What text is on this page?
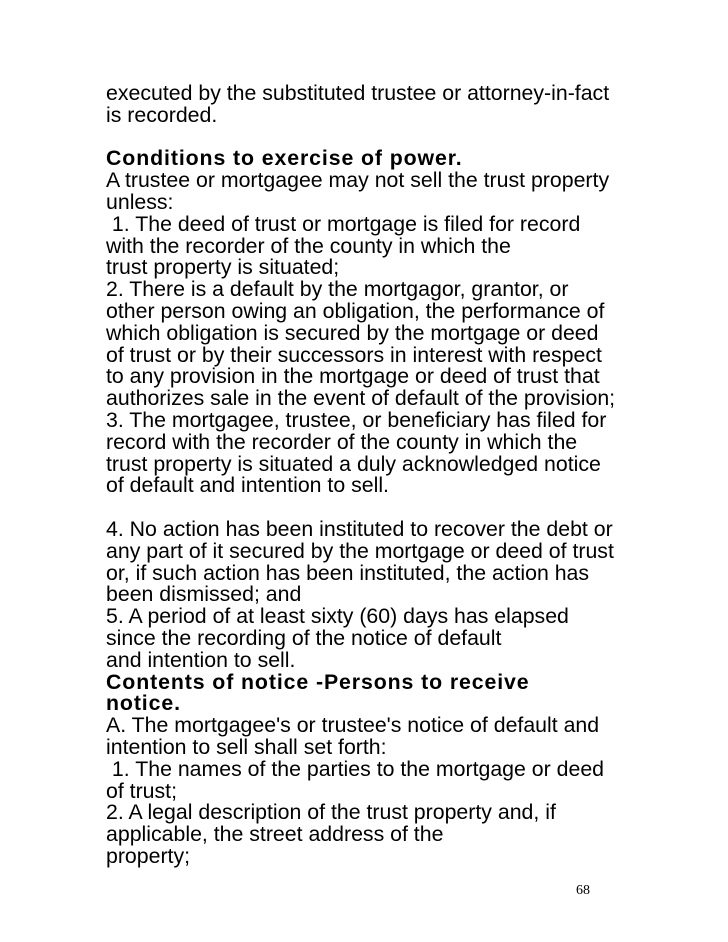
executed by the substituted trustee or attorney-in-fact
is recorded.
Conditions to exercise of power.
A trustee or mortgagee may not sell the trust property
unless:
1. The deed of trust or mortgage is filed for record
with the recorder of the county in which the
trust property is situated;
2. There is a default by the mortgagor, grantor, or
other person owing an obligation, the performance of
which obligation is secured by the mortgage or deed
of trust or by their successors in interest with respect
to any provision in the mortgage or deed of trust that
authorizes sale in the event of default of the provision;
3. The mortgagee, trustee, or beneficiary has filed for
record with the recorder of the county in which the
trust property is situated a duly acknowledged notice
of default and intention to sell.
4. No action has been instituted to recover the debt or
any part of it secured by the mortgage or deed of trust
or, if such action has been instituted, the action has
been dismissed; and
5. A period of at least sixty (60) days has elapsed
since the recording of the notice of default
and intention to sell.
Contents of notice -Persons to receive
notice.
A. The mortgagee's or trustee's notice of default and
intention to sell shall set forth:
1. The names of the parties to the mortgage or deed
of trust;
2. A legal description of the trust property and, if
applicable, the street address of the
property;
68
